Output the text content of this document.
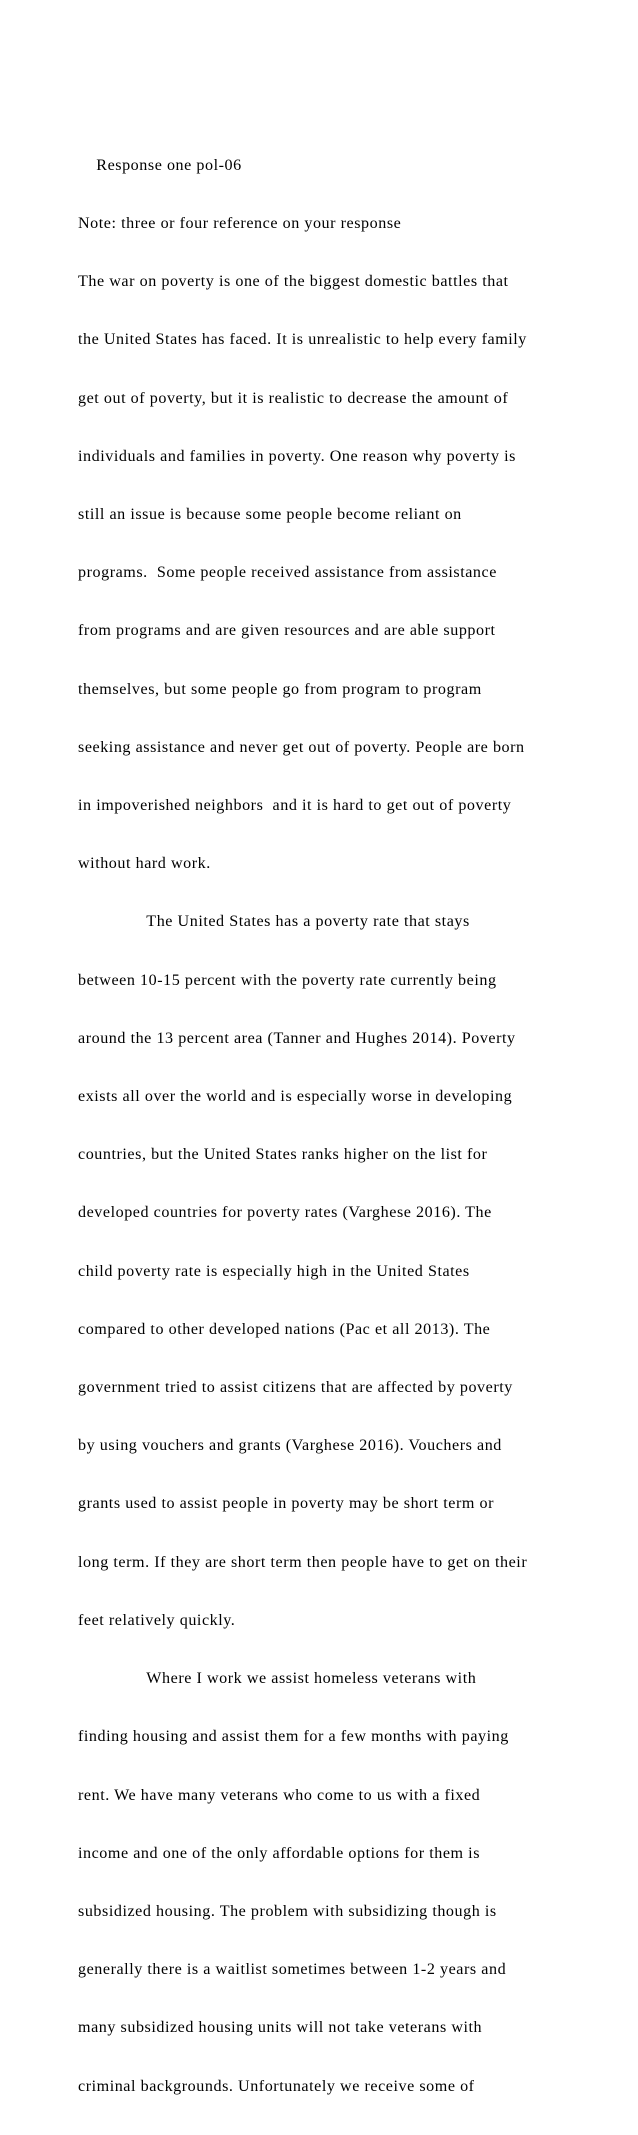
Response one pol-06

Note: three or four reference on your response

The war on poverty is one of the biggest domestic battles that

the United States has faced. It is unrealistic to help every family

get out of poverty, but it is realistic to decrease the amount of

individuals and families in poverty. One reason why poverty is

still an issue is because some people become reliant on

programs.  Some people received assistance from assistance

from programs and are given resources and are able support

themselves, but some people go from program to program

seeking assistance and never get out of poverty. People are born

in impoverished neighbors  and it is hard to get out of poverty

without hard work.

The United States has a poverty rate that stays

between 10-15 percent with the poverty rate currently being

around the 13 percent area (Tanner and Hughes 2014). Poverty

exists all over the world and is especially worse in developing

countries, but the United States ranks higher on the list for

developed countries for poverty rates (Varghese 2016). The

child poverty rate is especially high in the United States

compared to other developed nations (Pac et all 2013). The

government tried to assist citizens that are affected by poverty

by using vouchers and grants (Varghese 2016). Vouchers and

grants used to assist people in poverty may be short term or

long term. If they are short term then people have to get on their

feet relatively quickly.

Where I work we assist homeless veterans with

finding housing and assist them for a few months with paying

rent. We have many veterans who come to us with a fixed

income and one of the only affordable options for them is

subsidized housing. The problem with subsidizing though is

generally there is a waitlist sometimes between 1-2 years and

many subsidized housing units will not take veterans with

criminal backgrounds. Unfortunately we receive some of
